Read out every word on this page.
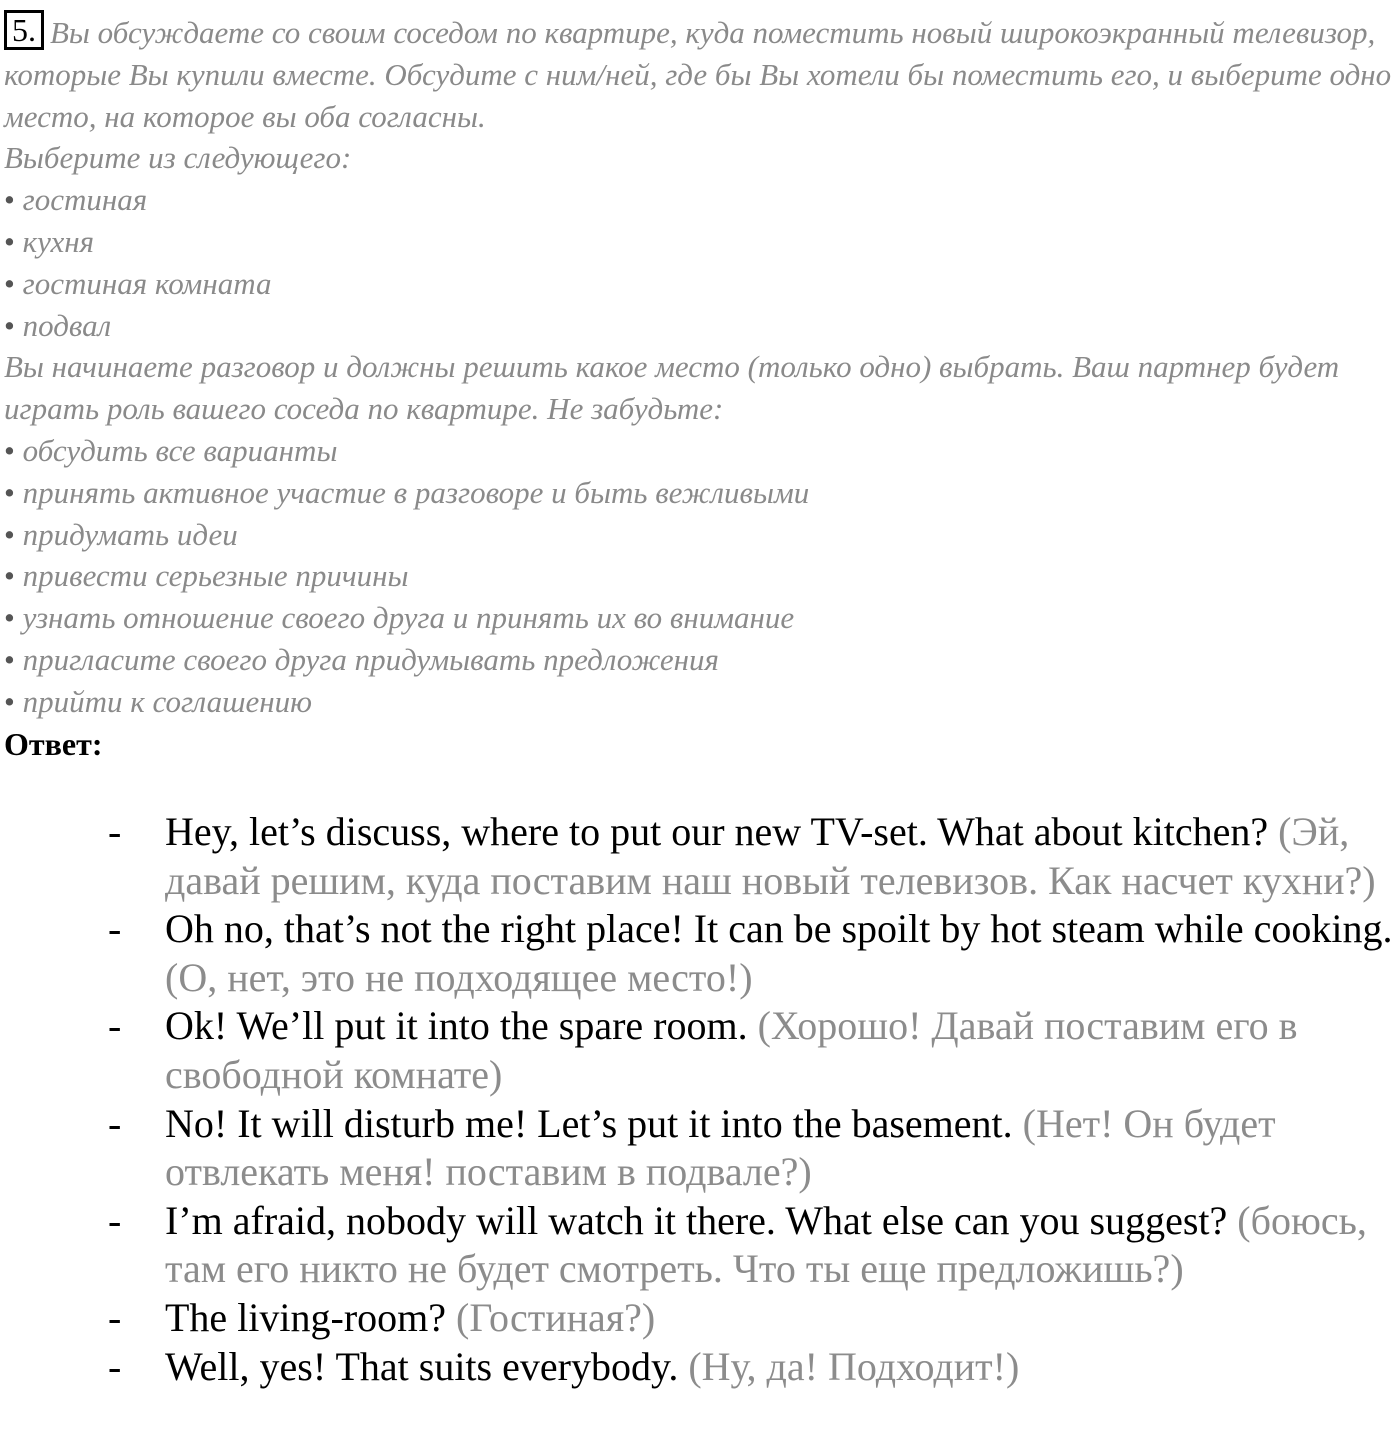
5. Вы обсуждаете со своим соседом по квартире, куда поместить новый широкоэкранный телевизор, которые Вы купили вместе. Обсудите с ним/ней, где бы Вы хотели бы поместить его, и выберите одно место, на которое вы оба согласны.

Выберите из следующего:

• гостиная
• кухня
• гостиная комната
• подвал

Вы начинаете разговор и должны решить какое место (только одно) выбрать. Ваш партнер будет играть роль вашего соседа по квартире. Не забудьте:

• обсудить все варианты
• принять активное участие в разговоре и быть вежливыми
• придумать идеи
• привести серьезные причины
• узнать отношение своего друга и принять их во внимание
• пригласите своего друга придумывать предложения
• прийти к соглашению
Ответ:
- Hey, let’s discuss, where to put our new TV-set. What about kitchen? (Эй, давай решим, куда поставим наш новый телевизов. Как насчет кухни?)
- Oh no, that’s not the right place! It can be spoilt by hot steam while cooking. (О, нет, это не подходящее место!)
- Ok! We’ll put it into the spare room. (Хорошо! Давай поставим его в свободной комнате)
- No! It will disturb me! Let’s put it into the basement. (Нет! Он будет отвлекать меня! поставим в подвале?)
- I’m afraid, nobody will watch it there. What else can you suggest? (боюсь, там его никто не будет смотреть. Что ты еще предложишь?)
- The living-room? (Гостиная?)
- Well, yes! That suits everybody. (Ну, да! Подходит!)
